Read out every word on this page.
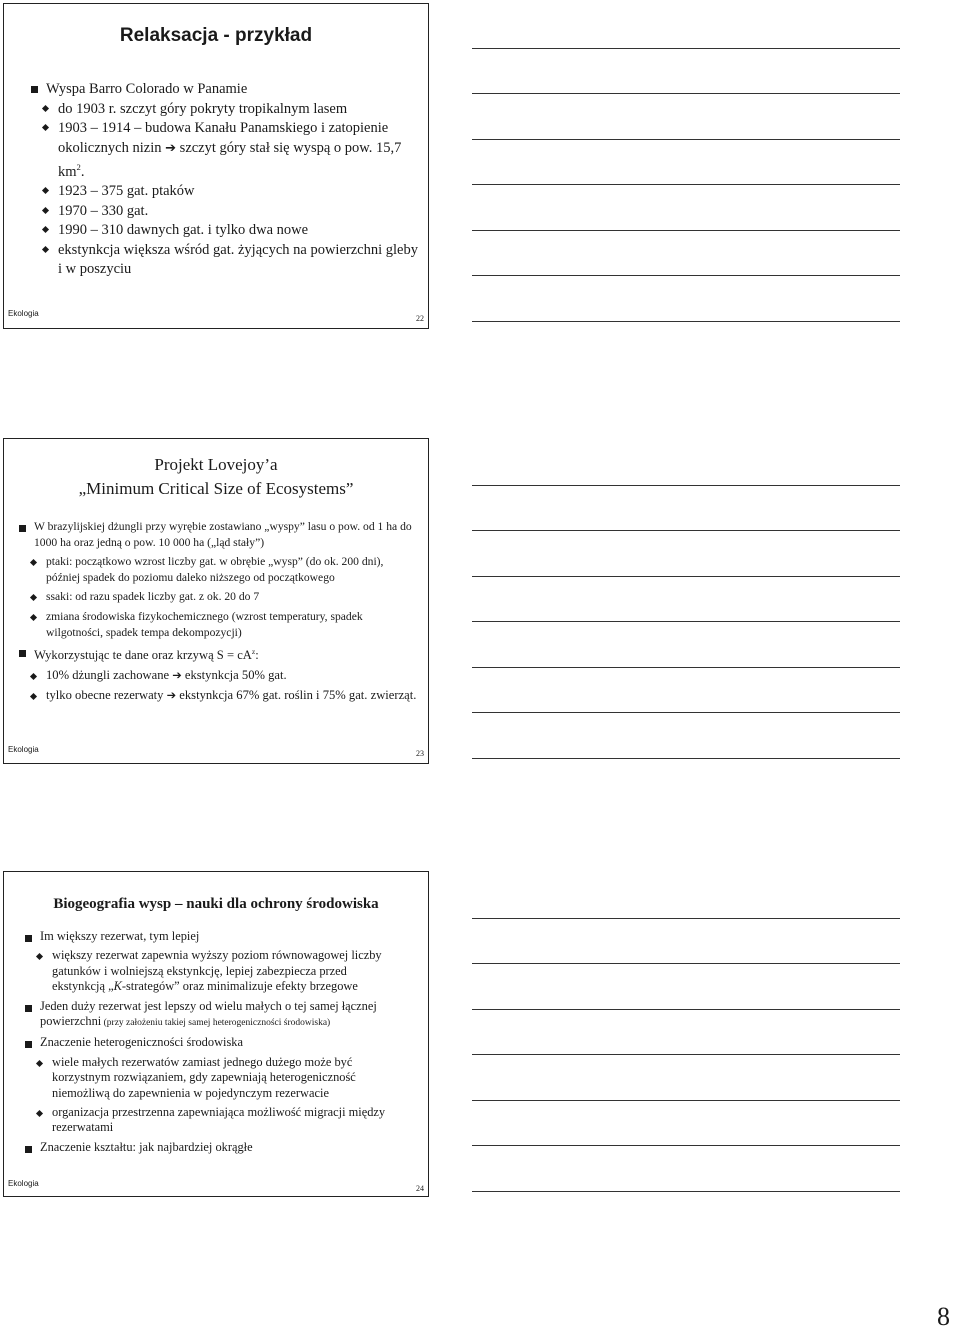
Relaksacja - przykład
Wyspa Barro Colorado w Panamie
do 1903 r. szczyt góry pokryty tropikalnym lasem
1903 – 1914 – budowa Kanału Panamskiego i zatopienie okolicznych nizin ➔ szczyt góry stał się wyspą o pow. 15,7 $km^2$.
1923 – 375 gat. ptaków
1970 – 330 gat.
1990 – 310 dawnych gat. i tylko dwa nowe
ekstynkcja większa wśród gat. żyjących na powierzchni gleby i w poszyciu
Ekologia
22
Projekt Lovejoy’a
„Minimum Critical Size of Ecosystems”
W brazylijskiej dżungli przy wyrębie zostawiano „wyspy” lasu o pow. od 1 ha do 1000 ha oraz jedną o pow. 10 000 ha („ląd stały”)
ptaki: początkowo wzrost liczby gat. w obrębie „wysp” (do ok. 200 dni), później spadek do poziomu daleko niższego od początkowego
ssaki: od razu spadek liczby gat. z ok. 20 do 7
zmiana środowiska fizykochemicznego (wzrost temperatury, spadek wilgotności, spadek tempa dekompozycji)
Wykorzystując te dane oraz krzywą $S = cA^z$:
10% dżungli zachowane ➔ ekstynkcja 50% gat.
tylko obecne rezerwaty ➔ ekstynkcja 67% gat. roślin i 75% gat. zwierząt.
Ekologia	23
Biogeografia wysp – nauki dla ochrony środowiska
Im większy rezerwat, tym lepiej
większy rezerwat zapewnia wyższy poziom równowagowej liczby gatunków i wolniejszą ekstynkcję, lepiej zabezpiecza przed ekstynkcją „K-strategów” oraz minimalizuje efekty brzegowe
Jeden duży rezerwat jest lepszy od wielu małych o tej samej łącznej powierzchni (przy założeniu takiej samej heterogeniczności środowiska)
Znaczenie heterogeniczności środowiska
wiele małych rezerwatów zamiast jednego dużego może być korzystnym rozwiązaniem, gdy zapewniają heterogeniczność niemożliwą do zapewnienia w pojedynczym rezerwacie
organizacja przestrzenna zapewniająca możliwość migracji między rezerwatami
Znaczenie kształtu: jak najbardziej okrągłe
Ekologia
24
8
